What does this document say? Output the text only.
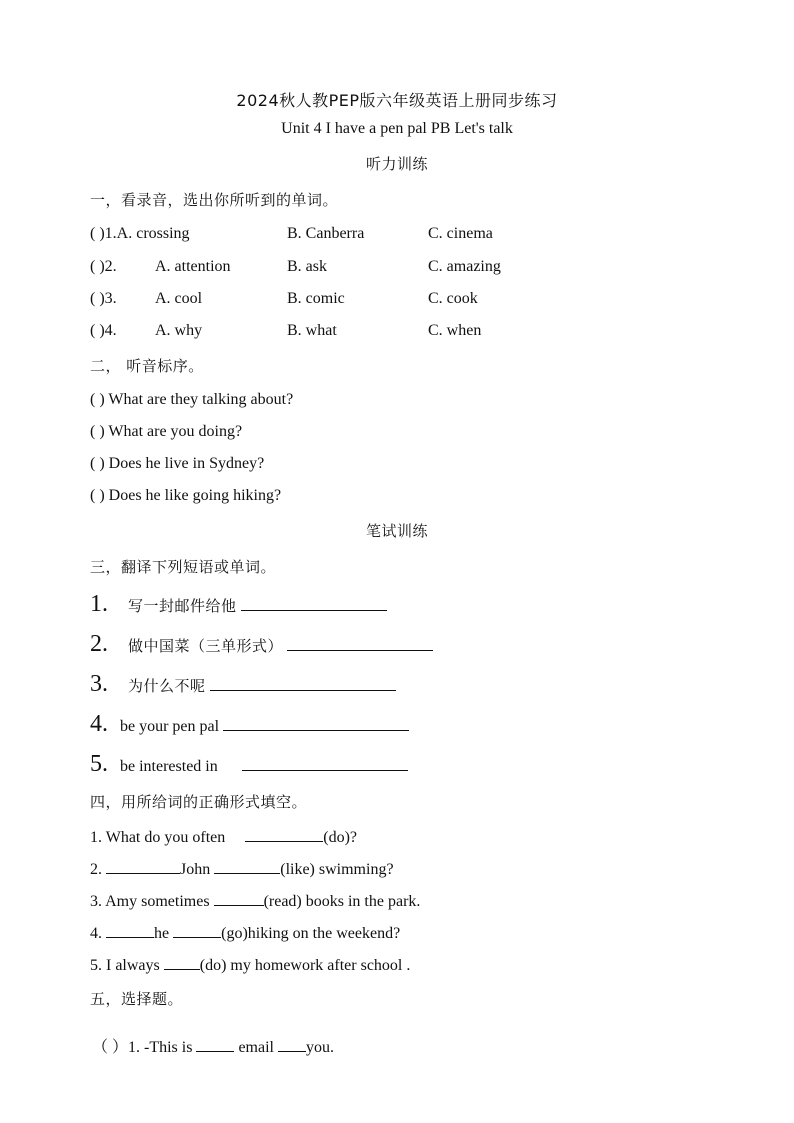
2024秋人教PEP版六年级英语上册同步练习
Unit 4 I have a pen pal PB Let's talk
听力训练
一，看录音，选出你所听到的单词。
( )1.A. crossing	B. Canberra	C. cinema
( )2. A. attention	B. ask	C. amazing
( )3. A. cool	B. comic	C. cook
( )4. A. why	B. what	C. when
二， 听音标序。
( ) What are they talking about?
( ) What are you doing?
( ) Does he live in Sydney?
( ) Does he like going hiking?
笔试训练
三，翻译下列短语或单词。
1. 写一封邮件给他
2. 做中国菜（三单形式）
3. 为什么不呢
4. be your pen pal
5. be interested in
四，用所给词的正确形式填空。
1. What do you often	(do)?
2.	John	(like) swimming?
3. Amy sometimes	(read) books in the park.
4.	he	(go)hiking on the weekend?
5. I always	(do) my homework after school .
五，选择题。
（ ）1. -This is	email you.
